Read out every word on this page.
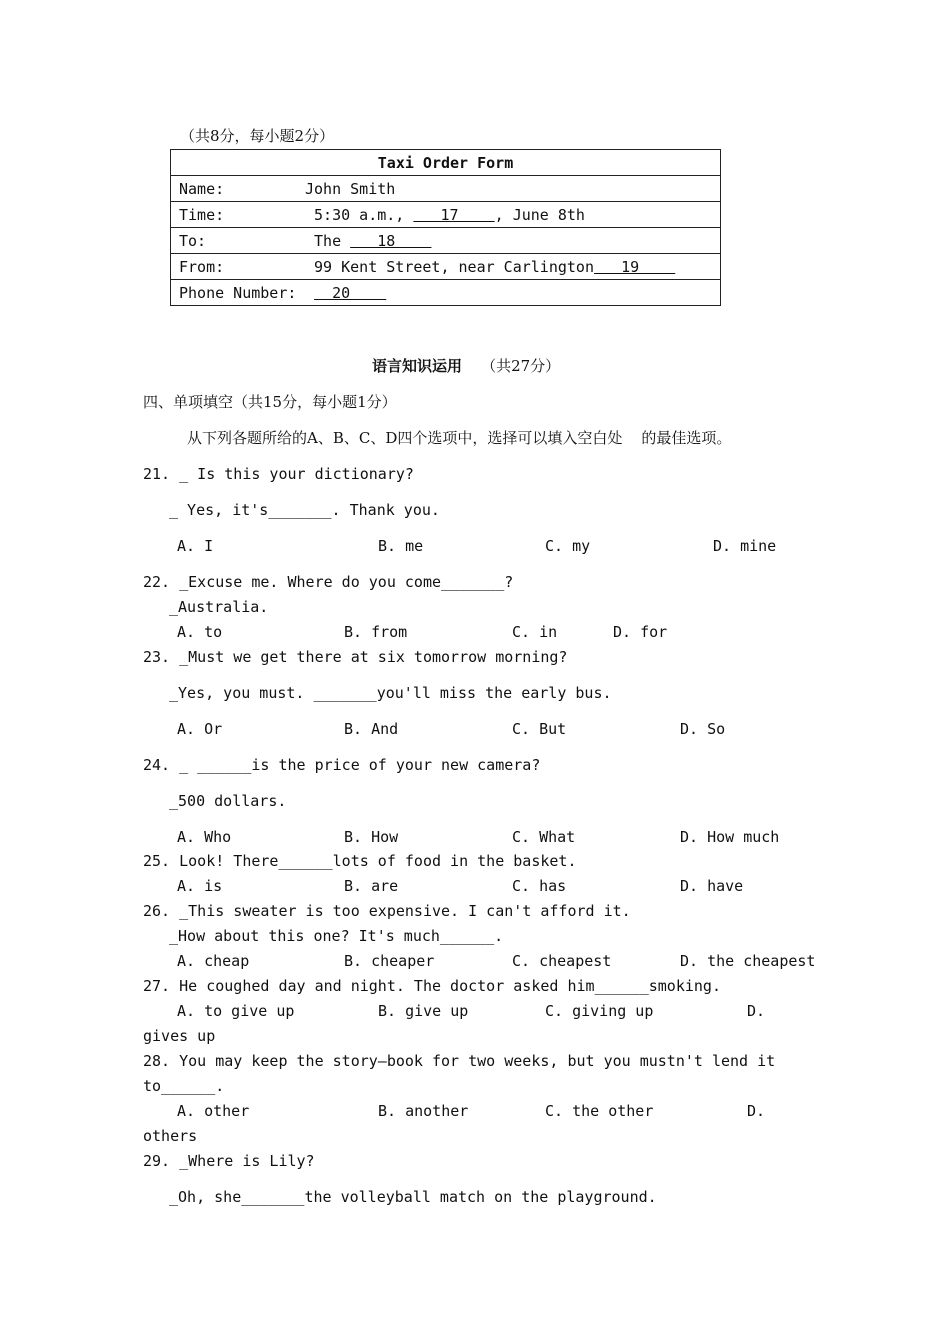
（共8分，每小题2分）
Taxi Order Form
Name:	John Smith
Time:	5:30 a.m.,    17    , June 8th
To:	The    18
From:	99 Kent Street, near Carlington   19
Phone Number:   20
语言知识运用 （共27分）
四、单项填空（共15分，每小题1分）
从下列各题所给的A、B、C、D四个选项中，选择可以填入空白处    的最佳选项。
21. _ Is this your dictionary?
_ Yes, it's_______. Thank you.
A. I	B. me	C. my	D. mine
22. _Excuse me. Where do you come_______?
_Australia.
A. to	B. from	C. in	D. for
23. _Must we get there at six tomorrow morning?
_Yes, you must. _______you'll miss the early bus.
A. Or	B. And	C. But	D. So
24. _ ______is the price of your new camera?
_500 dollars.
A. Who	B. How	C. What	D. How much
25. Look! There______lots of food in the basket.
A. is	B. are	C. has	D. have
26. _This sweater is too expensive. I can't afford it.
_How about this one? It's much______.
A. cheap	B. cheaper	C. cheapest	D. the cheapest
27. He coughed day and night. The doctor asked him______smoking.
A. to give up	B. give up	C. giving up	D.
gives up
28. You may keep the story—book for two weeks, but you mustn't lend it
to______.
A. other	B. another	C. the other	D.
others
29. _Where is Lily?
_Oh, she_______the volleyball match on the playground.
